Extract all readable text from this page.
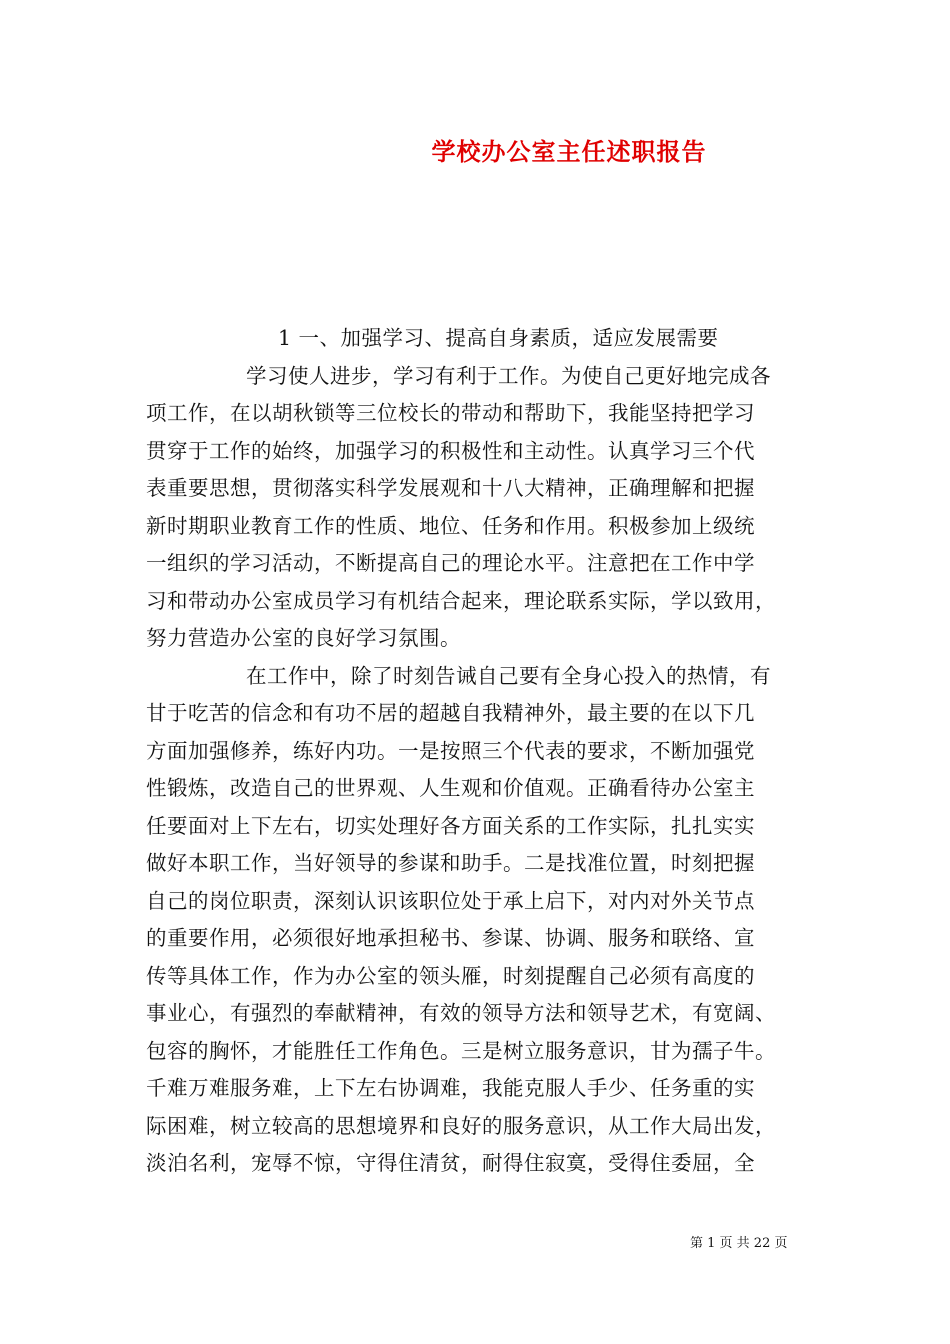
学校办公室主任述职报告
1 一、加强学习、提高自身素质，适应发展需要
学习使人进步，学习有利于工作。为使自己更好地完成各
项工作，在以胡秋锁等三位校长的带动和帮助下，我能坚持把学习
贯穿于工作的始终，加强学习的积极性和主动性。认真学习三个代
表重要思想，贯彻落实科学发展观和十八大精神，正确理解和把握
新时期职业教育工作的性质、地位、任务和作用。积极参加上级统
一组织的学习活动，不断提高自己的理论水平。注意把在工作中学
习和带动办公室成员学习有机结合起来，理论联系实际，学以致用，
努力营造办公室的良好学习氛围。
在工作中，除了时刻告诫自己要有全身心投入的热情，有
甘于吃苦的信念和有功不居的超越自我精神外，最主要的在以下几
方面加强修养，练好内功。一是按照三个代表的要求，不断加强党
性锻炼，改造自己的世界观、人生观和价值观。正确看待办公室主
任要面对上下左右，切实处理好各方面关系的工作实际，扎扎实实
做好本职工作，当好领导的参谋和助手。二是找准位置，时刻把握
自己的岗位职责，深刻认识该职位处于承上启下，对内对外关节点
的重要作用，必须很好地承担秘书、参谋、协调、服务和联络、宣
传等具体工作，作为办公室的领头雁，时刻提醒自己必须有高度的
事业心，有强烈的奉献精神，有效的领导方法和领导艺术，有宽阔、
包容的胸怀，才能胜任工作角色。三是树立服务意识，甘为孺子牛。
千难万难服务难，上下左右协调难，我能克服人手少、任务重的实
际困难，树立较高的思想境界和良好的服务意识，从工作大局出发，
淡泊名利，宠辱不惊，守得住清贫，耐得住寂寞，受得住委屈，全
第 1 页 共 22 页
